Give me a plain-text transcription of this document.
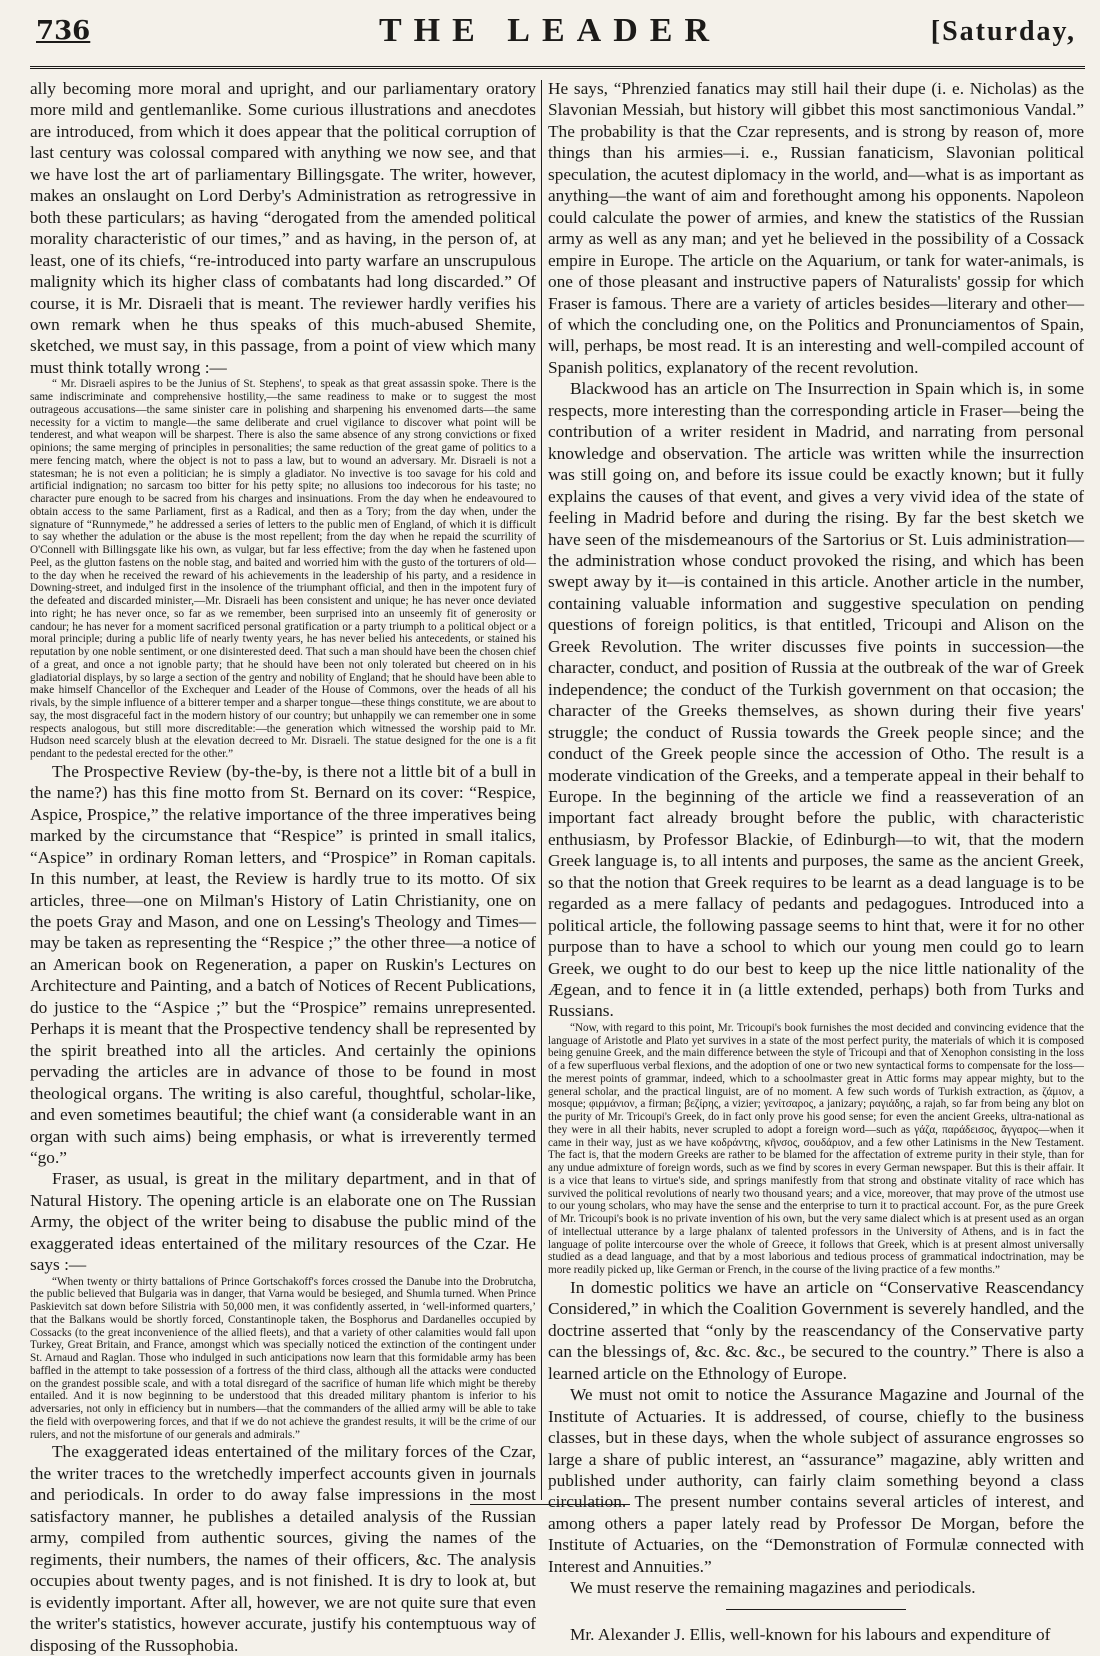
736	THE LEADER	[Saturday,

ally becoming more moral and upright, and our parliamentary oratory more mild and gentlemanlike. Some curious illustrations and anecdotes are introduced, from which it does appear that the political corruption of last century was colossal compared with anything we now see, and that we have lost the art of parliamentary Billingsgate. The writer, however, makes an onslaught on Lord Derby's Administration as retrogressive in both these particulars; as having “derogated from the amended political morality characteristic of our times,” and as having, in the person of, at least, one of its chiefs, “re-introduced into party warfare an unscrupulous malignity which its higher class of combatants had long discarded.” Of course, it is Mr. Disraeli that is meant. The reviewer hardly verifies his own remark when he thus speaks of this much-abused Shemite, sketched, we must say, in this passage, from a point of view which many must think totally wrong :—

“ Mr. Disraeli aspires to be the Junius of St. Stephens', to speak as that great assassin spoke. There is the same indiscriminate and comprehensive hostility,—the same readiness to make or to suggest the most outrageous accusations—the same sinister care in polishing and sharpening his envenomed darts—the same necessity for a victim to mangle—the same deliberate and cruel vigilance to discover what point will be tenderest, and what weapon will be sharpest. There is also the same absence of any strong convictions or fixed opinions; the same merging of principles in personalities; the same reduction of the great game of politics to a mere fencing match, where the object is not to pass a law, but to wound an adversary. Mr. Disraeli is not a statesman; he is not even a politician; he is simply a gladiator. No invective is too savage for his cold and artificial indignation; no sarcasm too bitter for his petty spite; no allusions too indecorous for his taste; no character pure enough to be sacred from his charges and insinuations. From the day when he endeavoured to obtain access to the same Parliament, first as a Radical, and then as a Tory; from the day when, under the signature of “Runnymede,” he addressed a series of letters to the public men of England, of which it is difficult to say whether the adulation or the abuse is the most repellent; from the day when he repaid the scurrility of O'Connell with Billingsgate like his own, as vulgar, but far less effective; from the day when he fastened upon Peel, as the glutton fastens on the noble stag, and baited and worried him with the gusto of the torturers of old—to the day when he received the reward of his achievements in the leadership of his party, and a residence in Downing-street, and indulged first in the insolence of the triumphant official, and then in the impotent fury of the defeated and discarded minister,—Mr. Disraeli has been consistent and unique; he has never once deviated into right; he has never once, so far as we remember, been surprised into an unseemly fit of generosity or candour; he has never for a moment sacrificed personal gratification or a party triumph to a political object or a moral principle; during a public life of nearly twenty years, he has never belied his antecedents, or stained his reputation by one noble sentiment, or one disinterested deed. That such a man should have been the chosen chief of a great, and once a not ignoble party; that he should have been not only tolerated but cheered on in his gladiatorial displays, by so large a section of the gentry and nobility of England; that he should have been able to make himself Chancellor of the Exchequer and Leader of the House of Commons, over the heads of all his rivals, by the simple influence of a bitterer temper and a sharper tongue—these things constitute, we are about to say, the most disgraceful fact in the modern history of our country; but unhappily we can remember one in some respects analogous, but still more discreditable:—the generation which witnessed the worship paid to Mr. Hudson need scarcely blush at the elevation decreed to Mr. Disraeli. The statue designed for the one is a fit pendant to the pedestal erected for the other.”

The Prospective Review (by-the-by, is there not a little bit of a bull in the name?) has this fine motto from St. Bernard on its cover: “Respice, Aspice, Prospice,” the relative importance of the three imperatives being marked by the circumstance that “Respice” is printed in small italics, “Aspice” in ordinary Roman letters, and “Prospice” in Roman capitals. In this number, at least, the Review is hardly true to its motto. Of six articles, three—one on Milman's History of Latin Christianity, one on the poets Gray and Mason, and one on Lessing's Theology and Times—may be taken as representing the “Respice ;” the other three—a notice of an American book on Regeneration, a paper on Ruskin's Lectures on Architecture and Painting, and a batch of Notices of Recent Publications, do justice to the “Aspice ;” but the “Prospice” remains unrepresented. Perhaps it is meant that the Prospective tendency shall be represented by the spirit breathed into all the articles. And certainly the opinions pervading the articles are in advance of those to be found in most theological organs. The writing is also careful, thoughtful, scholar-like, and even sometimes beautiful; the chief want (a considerable want in an organ with such aims) being emphasis, or what is irreverently termed “go.”

Fraser, as usual, is great in the military department, and in that of Natural History. The opening article is an elaborate one on The Russian Army, the object of the writer being to disabuse the public mind of the exaggerated ideas entertained of the military resources of the Czar. He says :—

“When twenty or thirty battalions of Prince Gortschakoff's forces crossed the Danube into the Drobrutcha, the public believed that Bulgaria was in danger, that Varna would be besieged, and Shumla turned. When Prince Paskievitch sat down before Silistria with 50,000 men, it was confidently asserted, in ‘well-informed quarters,’ that the Balkans would be shortly forced, Constantinople taken, the Bosphorus and Dardanelles occupied by Cossacks (to the great inconvenience of the allied fleets), and that a variety of other calamities would fall upon Turkey, Great Britain, and France, amongst which was specially noticed the extinction of the contingent under St. Arnaud and Raglan. Those who indulged in such anticipations now learn that this formidable army has been baffled in the attempt to take possession of a fortress of the third class, although all the attacks were conducted on the grandest possible scale, and with a total disregard of the sacrifice of human life which might be thereby entailed. And it is now beginning to be understood that this dreaded military phantom is inferior to his adversaries, not only in efficiency but in numbers—that the commanders of the allied army will be able to take the field with overpowering forces, and that if we do not achieve the grandest results, it will be the crime of our rulers, and not the misfortune of our generals and admirals.”

The exaggerated ideas entertained of the military forces of the Czar, the writer traces to the wretchedly imperfect accounts given in journals and periodicals. In order to do away false impressions in the most satisfactory manner, he publishes a detailed analysis of the Russian army, compiled from authentic sources, giving the names of the regiments, their numbers, the names of their officers, &c. The analysis occupies about twenty pages, and is not finished. It is dry to look at, but is evidently important. After all, however, we are not quite sure that even the writer's statistics, however accurate, justify his contemptuous way of disposing of the Russophobia.

He says, “Phrenzied fanatics may still hail their dupe (i. e. Nicholas) as the Slavonian Messiah, but history will gibbet this most sanctimonious Vandal.” The probability is that the Czar represents, and is strong by reason of, more things than his armies—i. e., Russian fanaticism, Slavonian political speculation, the acutest diplomacy in the world, and—what is as important as anything—the want of aim and forethought among his opponents. Napoleon could calculate the power of armies, and knew the statistics of the Russian army as well as any man; and yet he believed in the possibility of a Cossack empire in Europe. The article on the Aquarium, or tank for water-animals, is one of those pleasant and instructive papers of Naturalists' gossip for which Fraser is famous. There are a variety of articles besides—literary and other—of which the concluding one, on the Politics and Pronunciamentos of Spain, will, perhaps, be most read. It is an interesting and well-compiled account of Spanish politics, explanatory of the recent revolution.

Blackwood has an article on The Insurrection in Spain which is, in some respects, more interesting than the corresponding article in Fraser—being the contribution of a writer resident in Madrid, and narrating from personal knowledge and observation. The article was written while the insurrection was still going on, and before its issue could be exactly known; but it fully explains the causes of that event, and gives a very vivid idea of the state of feeling in Madrid before and during the rising. By far the best sketch we have seen of the misdemeanours of the Sartorius or St. Luis administration—the administration whose conduct provoked the rising, and which has been swept away by it—is contained in this article. Another article in the number, containing valuable information and suggestive speculation on pending questions of foreign politics, is that entitled, Tricoupi and Alison on the Greek Revolution. The writer discusses five points in succession—the character, conduct, and position of Russia at the outbreak of the war of Greek independence; the conduct of the Turkish government on that occasion; the character of the Greeks themselves, as shown during their five years' struggle; the conduct of Russia towards the Greek people since; and the conduct of the Greek people since the accession of Otho. The result is a moderate vindication of the Greeks, and a temperate appeal in their behalf to Europe. In the beginning of the article we find a reasseveration of an important fact already brought before the public, with characteristic enthusiasm, by Professor Blackie, of Edinburgh—to wit, that the modern Greek language is, to all intents and purposes, the same as the ancient Greek, so that the notion that Greek requires to be learnt as a dead language is to be regarded as a mere fallacy of pedants and pedagogues. Introduced into a political article, the following passage seems to hint that, were it for no other purpose than to have a school to which our young men could go to learn Greek, we ought to do our best to keep up the nice little nationality of the Ægean, and to fence it in (a little extended, perhaps) both from Turks and Russians.

“Now, with regard to this point, Mr. Tricoupi's book furnishes the most decided and convincing evidence that the language of Aristotle and Plato yet survives in a state of the most perfect purity, the materials of which it is composed being genuine Greek, and the main difference between the style of Tricoupi and that of Xenophon consisting in the loss of a few superfluous verbal flexions, and the adoption of one or two new syntactical forms to compensate for the loss—the merest points of grammar, indeed, which to a schoolmaster great in Attic forms may appear mighty, but to the general scholar, and the practical linguist, are of no moment. A few such words of Turkish extraction, as ζάμιον, a mosque; φιρμάνιον, a firman; βεζίρης, a vizier; γενίτσαρος, a janizary; ραγιάδης, a rajah, so far from being any blot on the purity of Mr. Tricoupi's Greek, do in fact only prove his good sense; for even the ancient Greeks, ultra-national as they were in all their habits, never scrupled to adopt a foreign word—such as γάζα, παράδεισος, ἄγγαρος—when it came in their way, just as we have κοδράντης, κῆνσος, σουδάριον, and a few other Latinisms in the New Testament. The fact is, that the modern Greeks are rather to be blamed for the affectation of extreme purity in their style, than for any undue admixture of foreign words, such as we find by scores in every German newspaper. But this is their affair. It is a vice that leans to virtue's side, and springs manifestly from that strong and obstinate vitality of race which has survived the political revolutions of nearly two thousand years; and a vice, moreover, that may prove of the utmost use to our young scholars, who may have the sense and the enterprise to turn it to practical account. For, as the pure Greek of Mr. Tricoupi's book is no private invention of his own, but the very same dialect which is at present used as an organ of intellectual utterance by a large phalanx of talented professors in the University of Athens, and is in fact the language of polite intercourse over the whole of Greece, it follows that Greek, which is at present almost universally studied as a dead language, and that by a most laborious and tedious process of grammatical indoctrination, may be more readily picked up, like German or French, in the course of the living practice of a few months.”

In domestic politics we have an article on “Conservative Reascendancy Considered,” in which the Coalition Government is severely handled, and the doctrine asserted that “only by the reascendancy of the Conservative party can the blessings of, &c. &c. &c., be secured to the country.” There is also a learned article on the Ethnology of Europe.

We must not omit to notice the Assurance Magazine and Journal of the Institute of Actuaries. It is addressed, of course, chiefly to the business classes, but in these days, when the whole subject of assurance engrosses so large a share of public interest, an “assurance” magazine, ably written and published under authority, can fairly claim something beyond a class circulation. The present number contains several articles of interest, and among others a paper lately read by Professor De Morgan, before the Institute of Actuaries, on the “Demonstration of Formulæ connected with Interest and Annuities.”

We must reserve the remaining magazines and periodicals.

Mr. Alexander J. Ellis, well-known for his labours and expenditure of
